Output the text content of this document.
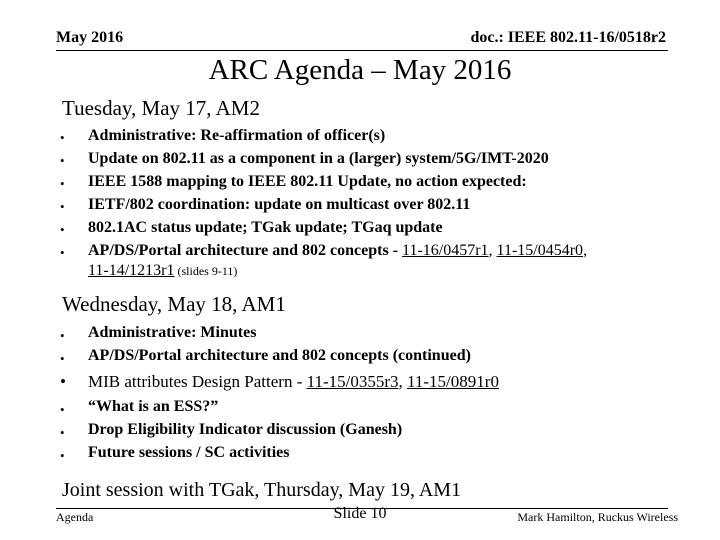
May 2016	doc.: IEEE 802.11-16/0518r2
ARC Agenda – May 2016
Tuesday, May 17, AM2
• Administrative: Re-affirmation of officer(s)
• Update on 802.11 as a component in a (larger) system/5G/IMT-2020
• IEEE 1588 mapping to IEEE 802.11 Update, no action expected:
• IETF/802 coordination: update on multicast over 802.11
• 802.1AC status update; TGak update; TGaq update
• AP/DS/Portal architecture and 802 concepts - 11-16/0457r1, 11-15/0454r0,
11-14/1213r1 (slides 9-11)
Wednesday, May 18, AM1
• Administrative: Minutes
• AP/DS/Portal architecture and 802 concepts (continued)
• MIB attributes Design Pattern - 11-15/0355r3, 11-15/0891r0
• “What is an ESS?”
• Drop Eligibility Indicator discussion (Ganesh)
• Future sessions / SC activities
Joint session with TGak, Thursday, May 19, AM1
Agenda	Slide 10	Mark Hamilton, Ruckus Wireless
